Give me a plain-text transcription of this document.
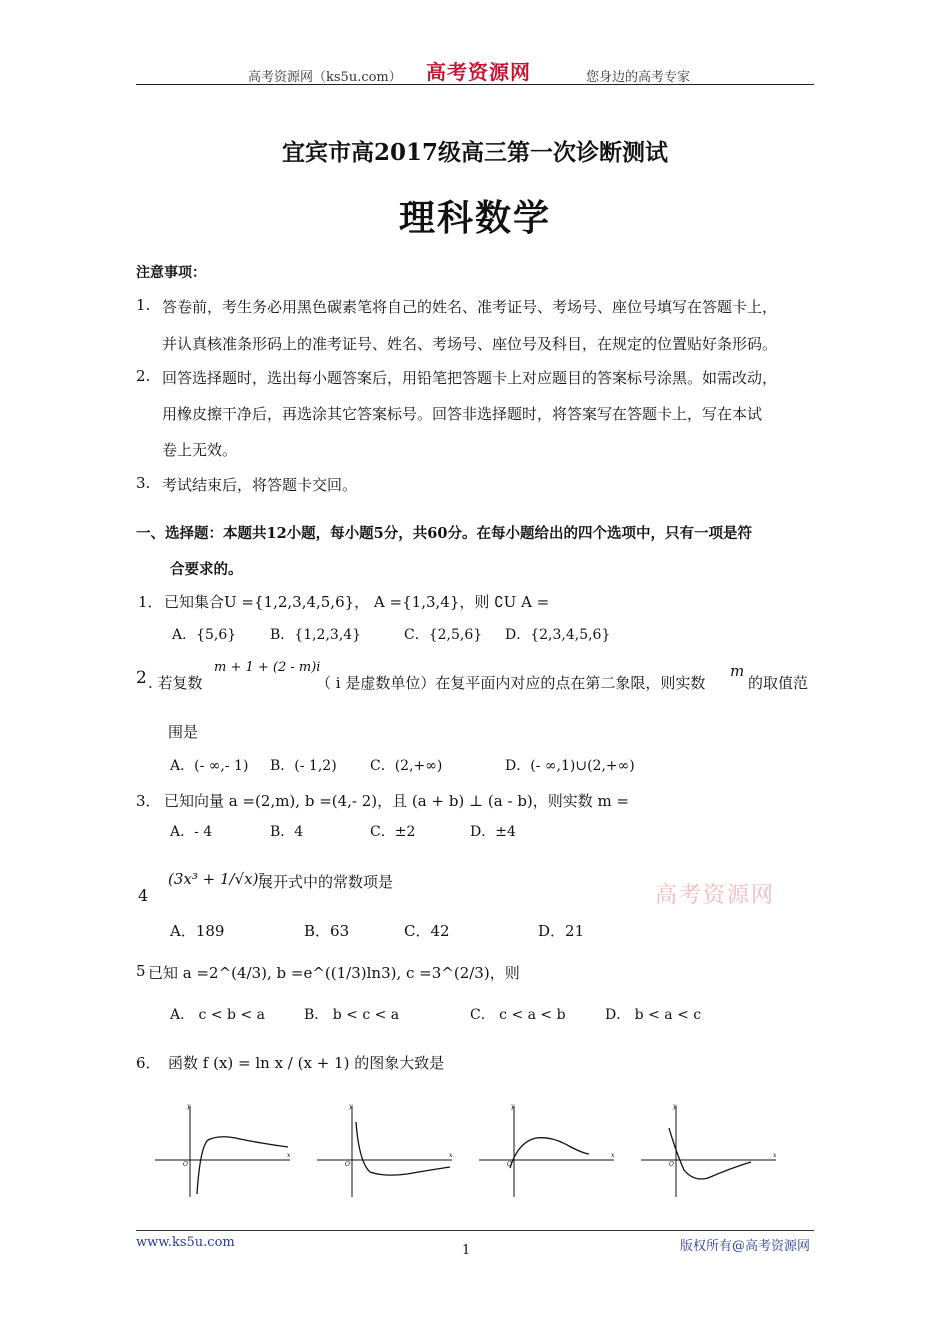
高考资源网（ks5u.com） 高考资源网	您身边的高考专家
宜宾市高2017级高三第一次诊断测试
理科数学
注意事项：
1. 答卷前，考生务必用黑色碳素笔将自己的姓名、准考证号、考场号、座位号填写在答题卡上，
并认真核准条形码上的准考证号、姓名、考场号、座位号及科目，在规定的位置贴好条形码。
2. 回答选择题时，选出每小题答案后，用铅笔把答题卡上对应题目的答案标号涂黑。如需改动，
用橡皮擦干净后，再选涂其它答案标号。回答非选择题时，将答案写在答题卡上，写在本试
卷上无效。
3. 考试结束后，将答题卡交回。
一、选择题：本题共12小题，每小题5分，共60分。在每小题给出的四个选项中，只有一项是符
合要求的。
1． 已知集合U ={1,2,3,4,5,6}， A ={1,3,4}，则 ∁U A =
A．{5,6} B．{1,2,3,4}	C．{2,5,6} D．{2,3,4,5,6}
2 . 若复数
m + 1 + (2 - m)i
（ i 是虚数单位）在复平面内对应的点在第二象限，则实数
m
的取值范
围是
A．(- ∞,- 1) B．(- 1,2) C．(2,+∞)	D．(- ∞,1)∪(2,+∞)
3． 已知向量 a =(2,m), b =(4,- 2)，且 (a + b) ⊥ (a - b)，则实数 m =
A．- 4	B．4	C．±2	D．±4
4
(3x³ + 1/√x)⁷
展开式中的常数项是
A．189	B．63	C．42	D．21
高考资源网
5 已知 a =2^(4/3), b =e^((1/3)ln3), c =3^(2/3)，则
A． c < b < a	B． b < c < a	C． c < a < b	D． b < a < c
6． 函数 f (x) = ln x / (x + 1) 的图象大致是
y
x
O
y
x
O
y
x
O
y
x
O
www.ks5u.com
1	版权所有@高考资源网
